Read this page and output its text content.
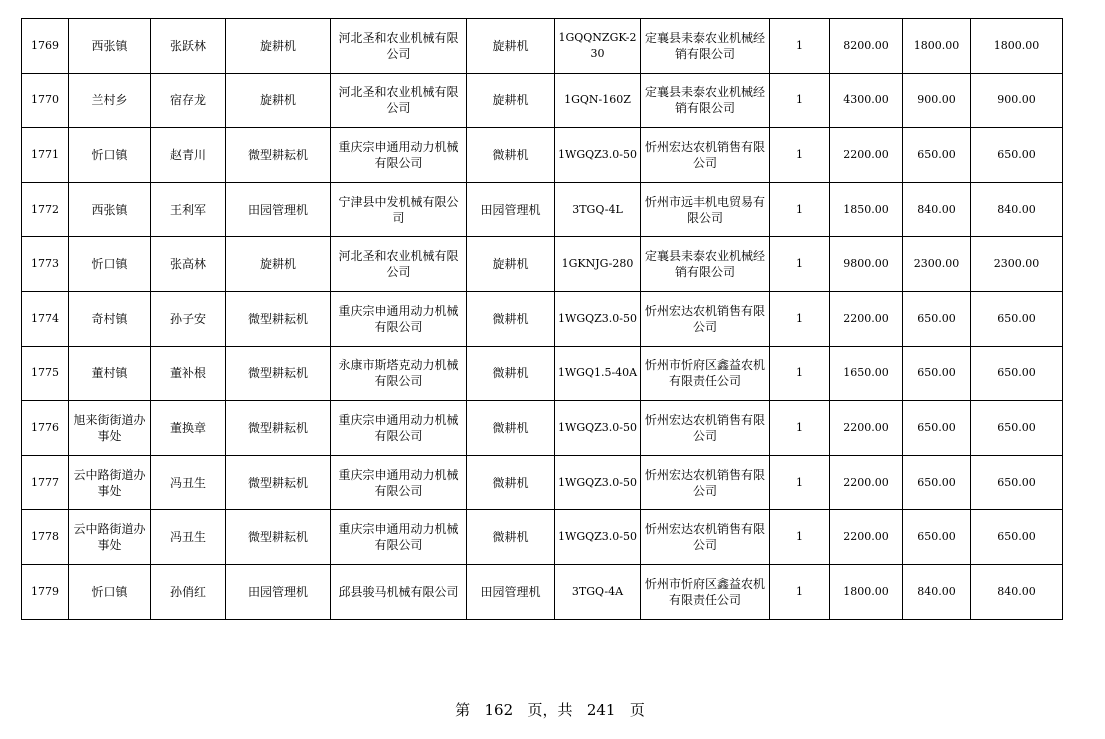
1769	西张镇	张跃林	旋耕机	河北圣和农业机械有限公司	旋耕机	1GQQNZGK-230	定襄县耒泰农业机械经销有限公司	1	8200.00	1800.00	1800.00
1770	兰村乡	宿存龙	旋耕机	河北圣和农业机械有限公司	旋耕机	1GQN-160Z	定襄县耒泰农业机械经销有限公司	1	4300.00	900.00	900.00
1771	忻口镇	赵青川	微型耕耘机	重庆宗申通用动力机械有限公司	微耕机	1WGQZ3.0-50	忻州宏达农机销售有限公司	1	2200.00	650.00	650.00
1772	西张镇	王利军	田园管理机	宁津县中发机械有限公司	田园管理机	3TGQ-4L	忻州市远丰机电贸易有限公司	1	1850.00	840.00	840.00
1773	忻口镇	张高林	旋耕机	河北圣和农业机械有限公司	旋耕机	1GKNJG-280	定襄县耒泰农业机械经销有限公司	1	9800.00	2300.00	2300.00
1774	奇村镇	孙子安	微型耕耘机	重庆宗申通用动力机械有限公司	微耕机	1WGQZ3.0-50	忻州宏达农机销售有限公司	1	2200.00	650.00	650.00
1775	董村镇	董补根	微型耕耘机	永康市斯塔克动力机械有限公司	微耕机	1WGQ1.5-40A	忻州市忻府区鑫益农机有限责任公司	1	1650.00	650.00	650.00
1776	旭来街街道办事处	董换章	微型耕耘机	重庆宗申通用动力机械有限公司	微耕机	1WGQZ3.0-50	忻州宏达农机销售有限公司	1	2200.00	650.00	650.00
1777	云中路街道办事处	冯丑生	微型耕耘机	重庆宗申通用动力机械有限公司	微耕机	1WGQZ3.0-50	忻州宏达农机销售有限公司	1	2200.00	650.00	650.00
1778	云中路街道办事处	冯丑生	微型耕耘机	重庆宗申通用动力机械有限公司	微耕机	1WGQZ3.0-50	忻州宏达农机销售有限公司	1	2200.00	650.00	650.00
1779	忻口镇	孙俏红	田园管理机	邱县骏马机械有限公司	田园管理机	3TGQ-4A	忻州市忻府区鑫益农机有限责任公司	1	1800.00	840.00	840.00
第 162 页，共 241 页
